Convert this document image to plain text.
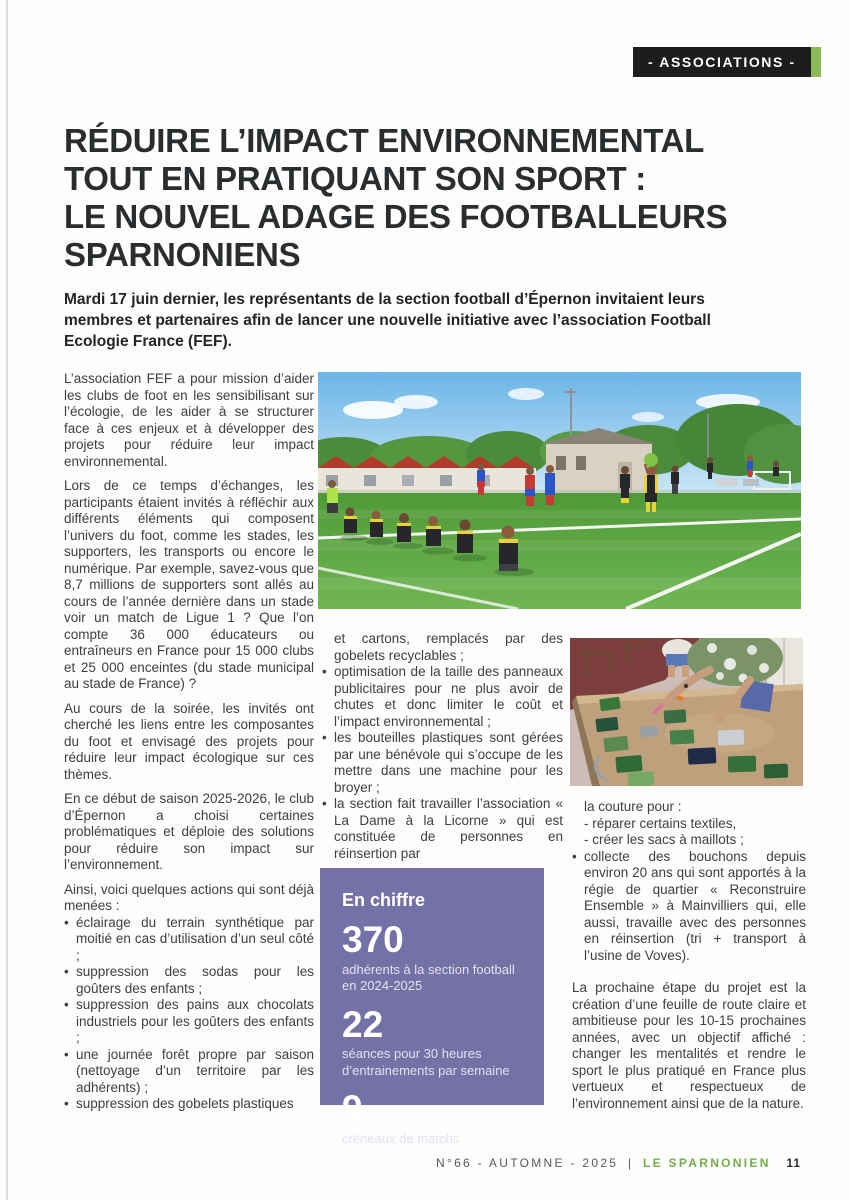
- ASSOCIATIONS -
RÉDUIRE L’IMPACT ENVIRONNEMENTAL
TOUT EN PRATIQUANT SON SPORT :
LE NOUVEL ADAGE DES FOOTBALLEURS
SPARNONIENS
Mardi 17 juin dernier, les représentants de la section football d’Épernon invitaient leurs membres et partenaires afin de lancer une nouvelle initiative avec l’association Football Ecologie France (FEF).

L’association FEF a pour mission d’aider les clubs de foot en les sensibilisant sur l’écologie, de les aider à se structurer face à ces enjeux et à développer des projets pour réduire leur impact environnemental.

Lors de ce temps d’échanges, les participants étaient invités à réfléchir aux différents éléments qui composent l’univers du foot, comme les stades, les supporters, les transports ou encore le numérique. Par exemple, savez-vous que 8,7 millions de supporters sont allés au cours de l’année dernière dans un stade voir un match de Ligue 1 ? Que l’on compte 36 000 éducateurs ou entraîneurs en France pour 15 000 clubs et 25 000 enceintes (du stade municipal au stade de France) ?

Au cours de la soirée, les invités ont cherché les liens entre les composantes du foot et envisagé des projets pour réduire leur impact écologique sur ces thèmes.

En ce début de saison 2025-2026, le club d’Épernon a choisi certaines problématiques et déploie des solutions pour réduire son impact sur l’environnement.

Ainsi, voici quelques actions qui sont déjà menées :

• éclairage du terrain synthétique par moitié en cas d’utilisation d’un seul côté ;
• suppression des sodas pour les goûters des enfants ;
• suppression des pains aux chocolats industriels pour les goûters des enfants ;
• une journée forêt propre par saison (nettoyage d’un territoire par les adhérents) ;
• suppression des gobelets plastiques
et cartons, remplacés par des gobelets recyclables ;
• optimisation de la taille des panneaux publicitaires pour ne plus avoir de chutes et donc limiter le coût et l’impact environnemental ;
• les bouteilles plastiques sont gérées par une bénévole qui s’occupe de les mettre dans une machine pour les broyer ;
• la section fait travailler l’association « La Dame à la Licorne » qui est constituée de personnes en réinsertion par
En chiffre
370
adhérents à la section football en 2024-2025
22
séances pour 30 heures d’entrainements par semaine
9
créneaux de matchs
la couture pour :
- réparer certains textiles,
- créer les sacs à maillots ;
• collecte des bouchons depuis environ 20 ans qui sont apportés à la régie de quartier « Reconstruire Ensemble » à Mainvilliers qui, elle aussi, travaille avec des personnes en réinsertion (tri + transport à l’usine de Voves).

La prochaine étape du projet est la création d’une feuille de route claire et ambitieuse pour les 10-15 prochaines années, avec un objectif affiché : changer les mentalités et rendre le sport le plus pratiqué en France plus vertueux et respectueux de l’environnement ainsi que de la nature.

N°66 - AUTOMNE - 2025 | LE SPARNONIEN 11
